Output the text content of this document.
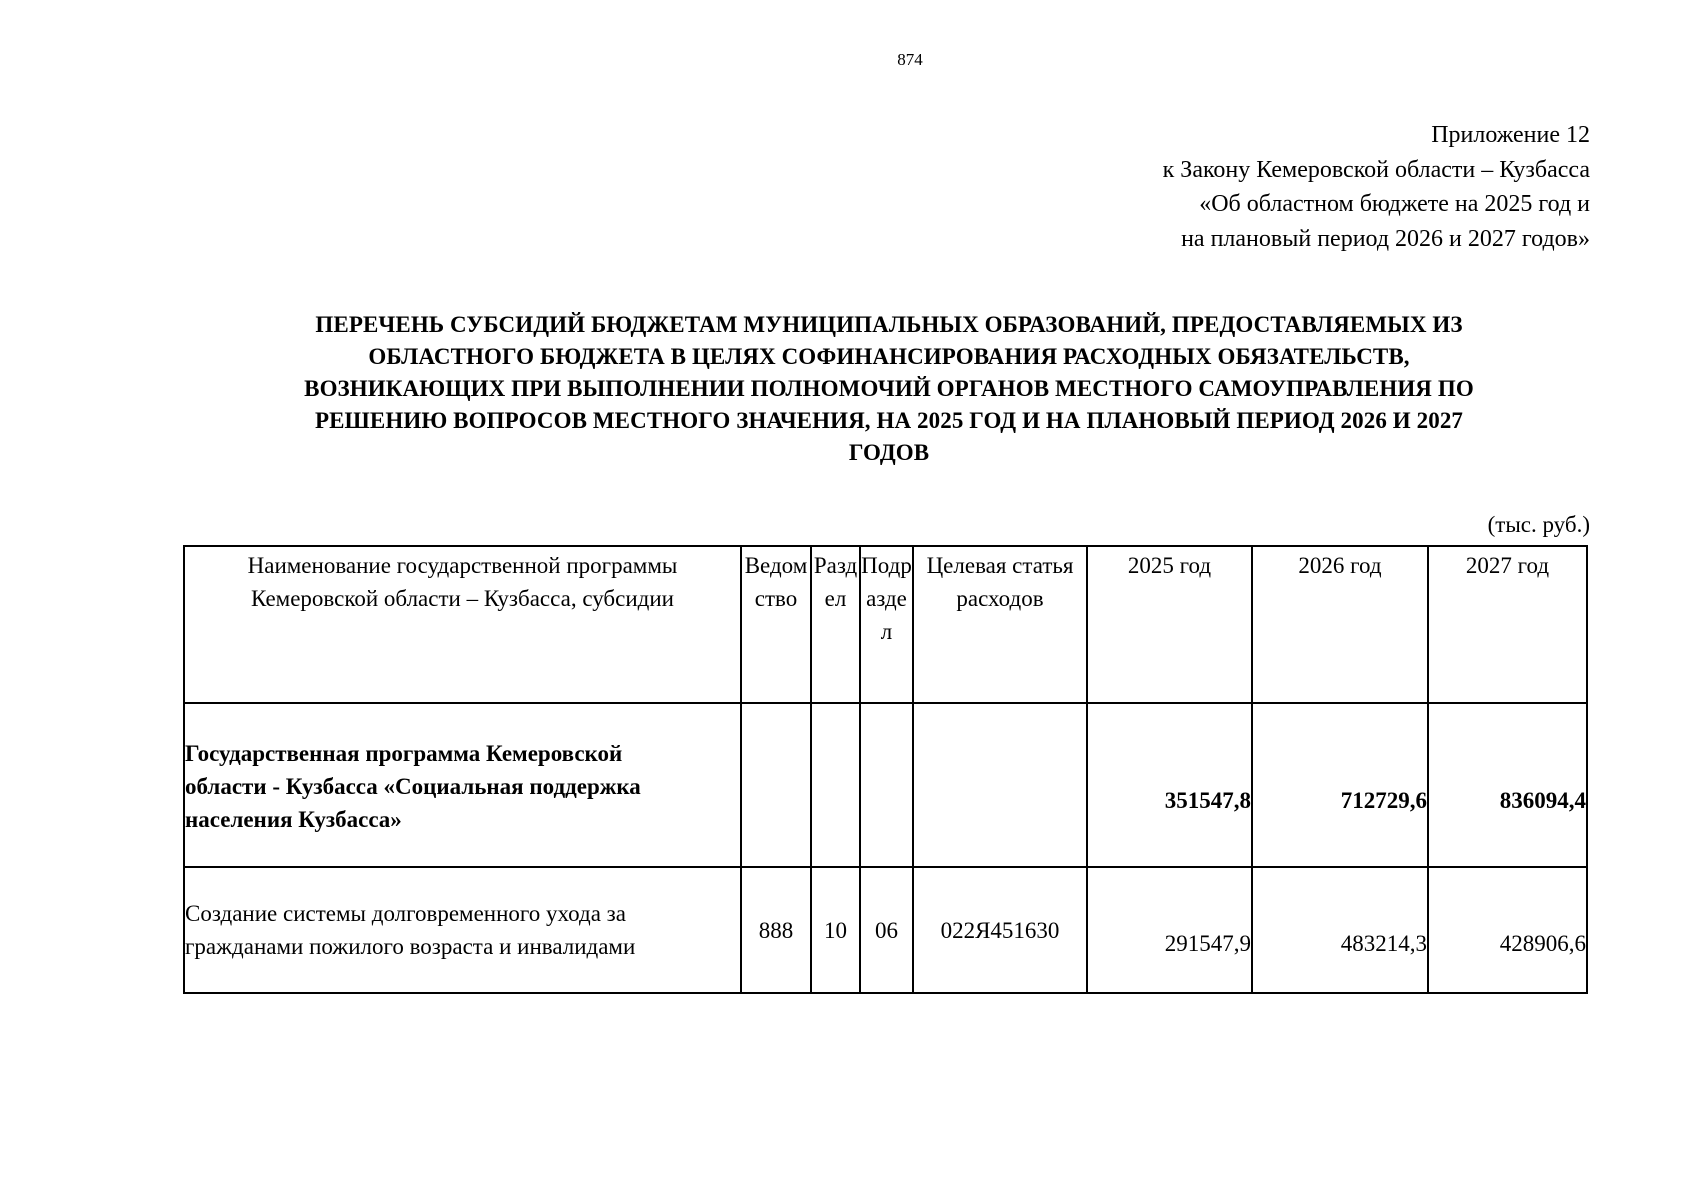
874
Приложение 12
к Закону Кемеровской области – Кузбасса
«Об областном бюджете на 2025 год и
на плановый период 2026 и 2027 годов»
ПЕРЕЧЕНЬ СУБСИДИЙ БЮДЖЕТАМ МУНИЦИПАЛЬНЫХ ОБРАЗОВАНИЙ, ПРЕДОСТАВЛЯЕМЫХ ИЗ
ОБЛАСТНОГО БЮДЖЕТА В ЦЕЛЯХ СОФИНАНСИРОВАНИЯ РАСХОДНЫХ ОБЯЗАТЕЛЬСТВ,
ВОЗНИКАЮЩИХ ПРИ ВЫПОЛНЕНИИ ПОЛНОМОЧИЙ ОРГАНОВ МЕСТНОГО САМОУПРАВЛЕНИЯ ПО
РЕШЕНИЮ ВОПРОСОВ МЕСТНОГО ЗНАЧЕНИЯ, НА 2025 ГОД И НА ПЛАНОВЫЙ ПЕРИОД 2026 И 2027
ГОДОВ
(тыс. руб.)
Наименование государственной программы Кемеровской области – Кузбасса, субсидии	Ведомство	Раздел	Подраздел	Целевая статья расходов	2025 год	2026 год	2027 год

Государственная программа Кемеровской
области - Кузбасса «Социальная поддержка
населения Кузбасса»					351547,8	712729,6	836094,4

Создание системы долговременного ухода за
гражданами пожилого возраста и инвалидами	888	10	06	022Я451630	291547,9	483214,3	428906,6
